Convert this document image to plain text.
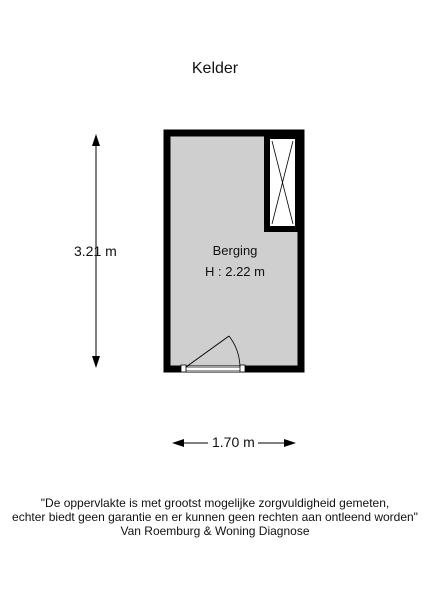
Kelder
3.21 m
1.70 m
Berging
H : 2.22 m
"De oppervlakte is met grootst mogelijke zorgvuldigheid gemeten,
echter biedt geen garantie en er kunnen geen rechten aan ontleend worden"
Van Roemburg & Woning Diagnose
